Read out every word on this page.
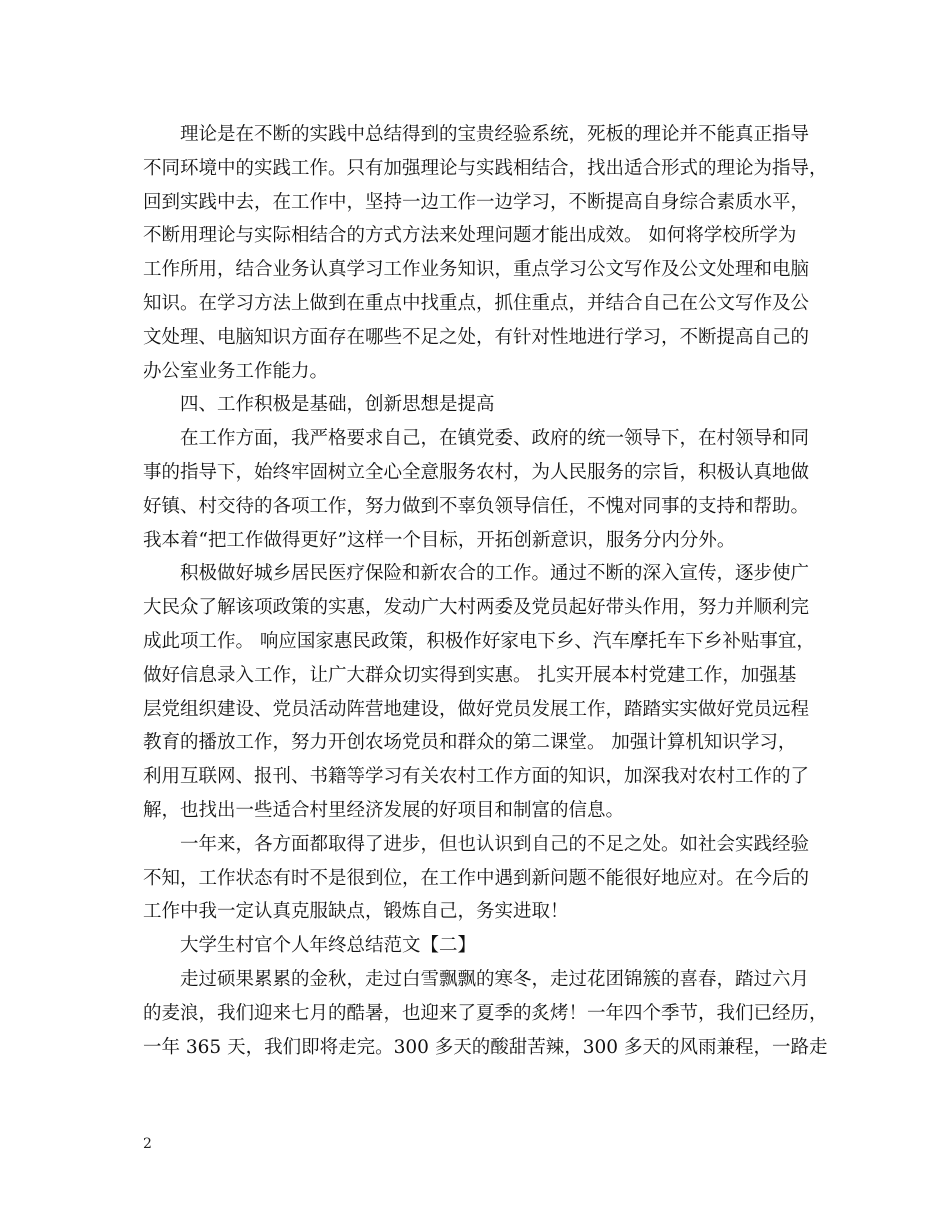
理论是在不断的实践中总结得到的宝贵经验系统，死板的理论并不能真正指导
不同环境中的实践工作。只有加强理论与实践相结合，找出适合形式的理论为指导，
回到实践中去，在工作中，坚持一边工作一边学习，不断提高自身综合素质水平，
不断用理论与实际相结合的方式方法来处理问题才能出成效。 如何将学校所学为
工作所用，结合业务认真学习工作业务知识，重点学习公文写作及公文处理和电脑
知识。在学习方法上做到在重点中找重点，抓住重点，并结合自己在公文写作及公
文处理、电脑知识方面存在哪些不足之处，有针对性地进行学习，不断提高自己的
办公室业务工作能力。
四、工作积极是基础，创新思想是提高
在工作方面，我严格要求自己，在镇党委、政府的统一领导下，在村领导和同
事的指导下，始终牢固树立全心全意服务农村，为人民服务的宗旨，积极认真地做
好镇、村交待的各项工作，努力做到不辜负领导信任，不愧对同事的支持和帮助。
我本着“把工作做得更好”这样一个目标，开拓创新意识，服务分内分外。
积极做好城乡居民医疗保险和新农合的工作。通过不断的深入宣传，逐步使广
大民众了解该项政策的实惠，发动广大村两委及党员起好带头作用，努力并顺利完
成此项工作。 响应国家惠民政策，积极作好家电下乡、汽车摩托车下乡补贴事宜，
做好信息录入工作，让广大群众切实得到实惠。 扎实开展本村党建工作，加强基
层党组织建设、党员活动阵营地建设，做好党员发展工作，踏踏实实做好党员远程
教育的播放工作，努力开创农场党员和群众的第二课堂。 加强计算机知识学习，
利用互联网、报刊、书籍等学习有关农村工作方面的知识，加深我对农村工作的了
解，也找出一些适合村里经济发展的好项目和制富的信息。
一年来，各方面都取得了进步，但也认识到自己的不足之处。如社会实践经验
不知，工作状态有时不是很到位，在工作中遇到新问题不能很好地应对。在今后的
工作中我一定认真克服缺点，锻炼自己，务实进取！
大学生村官个人年终总结范文【二】
走过硕果累累的金秋，走过白雪飘飘的寒冬，走过花团锦簇的喜春，踏过六月
的麦浪，我们迎来七月的酷暑，也迎来了夏季的炙烤！一年四个季节，我们已经历，
一年 365 天，我们即将走完。300 多天的酸甜苦辣，300 多天的风雨兼程，一路走

2
